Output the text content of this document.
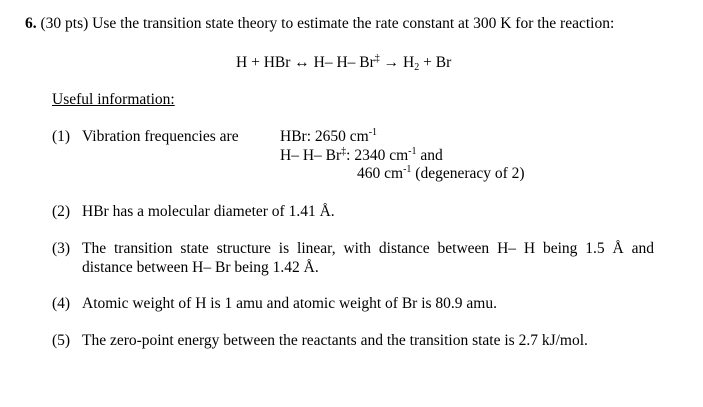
6. (30 pts) Use the transition state theory to estimate the rate constant at 300 K for the reaction:
H + HBr ↔ H– H– $Br^\ddagger \to H_2 + Br$
Useful information:
(1) Vibration frequencies are	HBr: 2650 $cm^{-1}$
H– H– Br‡: 2340 $cm^{-1}$ and
460 $cm^{-1}$ (degeneracy of 2)
(2) HBr has a molecular diameter of 1.41 Å.
(3) The transition state structure is linear, with distance between H– H being 1.5 Å and
distance between H– Br being 1.42 Å.
(4) Atomic weight of H is 1 amu and atomic weight of Br is 80.9 amu.
(5) The zero-point energy between the reactants and the transition state is 2.7 kJ/mol.
